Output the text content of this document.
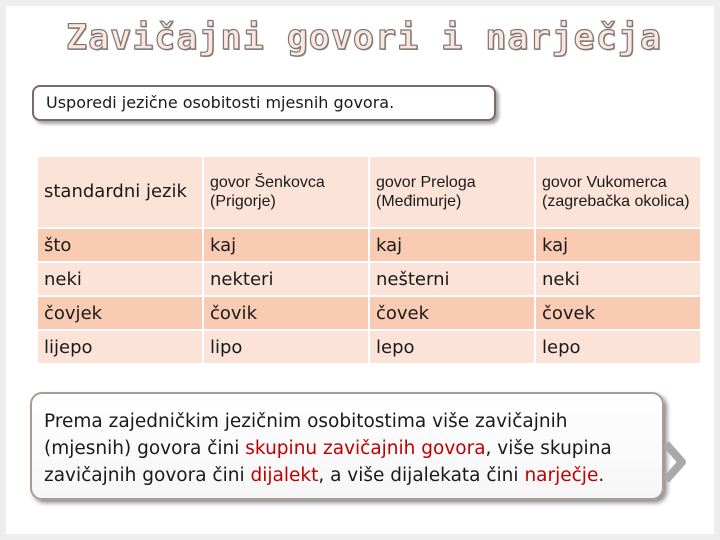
Zavičajni govori i narječja
Usporedi jezične osobitosti mjesnih govora.
standardni jezik	govor Šenkovca (Prigorje)	govor Preloga (Međimurje)	govor Vukomerca (zagrebačka okolica)
što	kaj	kaj	kaj
neki	nekteri	nešterni	neki
čovjek	čovik	čovek	čovek
lijepo	lipo	lepo	lepo
Prema zajedničkim jezičnim osobitostima više zavičajnih (mjesnih) govora čini skupinu zavičajnih govora, više skupina zavičajnih govora čini dijalekt, a više dijalekata čini narječje.
